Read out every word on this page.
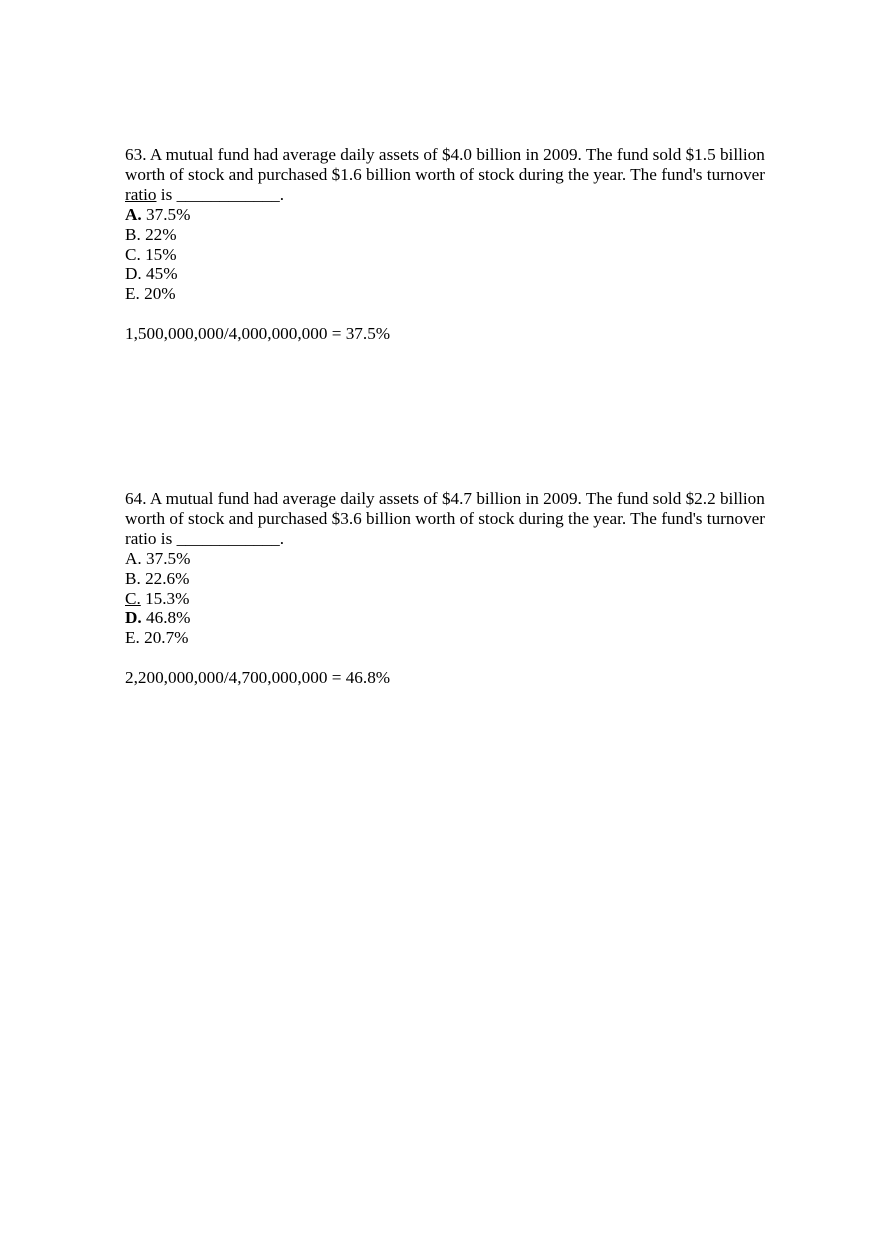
63. A mutual fund had average daily assets of $4.0 billion in 2009. The fund sold $1.5 billion worth of stock and purchased $1.6 billion worth of stock during the year. The fund's turnover ratio is ____________.

A. 37.5%
B. 22%
C. 15%
D. 45%
E. 20%

1,500,000,000/4,000,000,000 = 37.5%

64. A mutual fund had average daily assets of $4.7 billion in 2009. The fund sold $2.2 billion worth of stock and purchased $3.6 billion worth of stock during the year. The fund's turnover ratio is ____________.

A. 37.5%
B. 22.6%
C. 15.3%
D. 46.8%
E. 20.7%

2,200,000,000/4,700,000,000 = 46.8%
